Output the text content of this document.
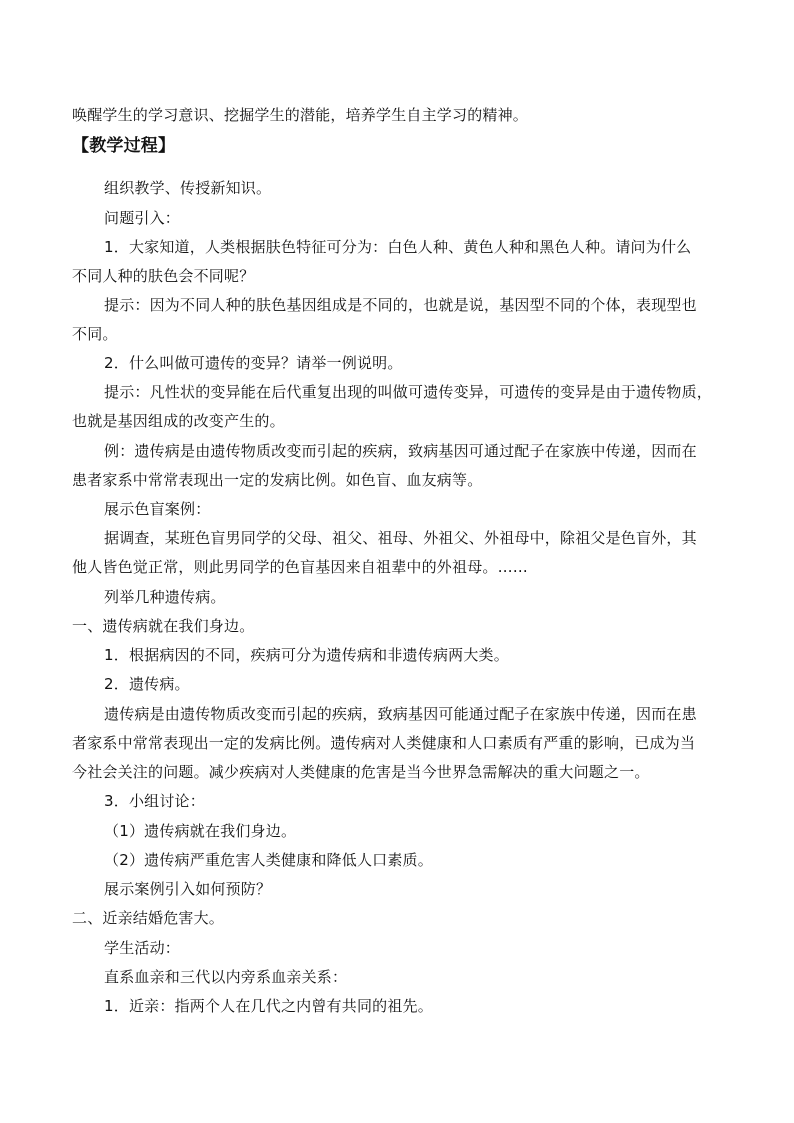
唤醒学生的学习意识、挖掘学生的潜能，培养学生自主学习的精神。
【教学过程】
组织教学、传授新知识。
问题引入：
1．大家知道，人类根据肤色特征可分为：白色人种、黄色人种和黑色人种。请问为什么
不同人种的肤色会不同呢？
提示：因为不同人种的肤色基因组成是不同的，也就是说，基因型不同的个体，表现型也
不同。
2．什么叫做可遗传的变异？请举一例说明。
提示：凡性状的变异能在后代重复出现的叫做可遗传变异，可遗传的变异是由于遗传物质，
也就是基因组成的改变产生的。
例：遗传病是由遗传物质改变而引起的疾病，致病基因可通过配子在家族中传递，因而在
患者家系中常常表现出一定的发病比例。如色盲、血友病等。
展示色盲案例：
据调查，某班色盲男同学的父母、祖父、祖母、外祖父、外祖母中，除祖父是色盲外，其
他人皆色觉正常，则此男同学的色盲基因来自祖辈中的外祖母。……
列举几种遗传病。
一、遗传病就在我们身边。
1．根据病因的不同，疾病可分为遗传病和非遗传病两大类。
2．遗传病。
遗传病是由遗传物质改变而引起的疾病，致病基因可能通过配子在家族中传递，因而在患
者家系中常常表现出一定的发病比例。遗传病对人类健康和人口素质有严重的影响，已成为当
今社会关注的问题。减少疾病对人类健康的危害是当今世界急需解决的重大问题之一。
3．小组讨论：
（1）遗传病就在我们身边。
（2）遗传病严重危害人类健康和降低人口素质。
展示案例引入如何预防？
二、近亲结婚危害大。
学生活动：
直系血亲和三代以内旁系血亲关系：
1．近亲：指两个人在几代之内曾有共同的祖先。
